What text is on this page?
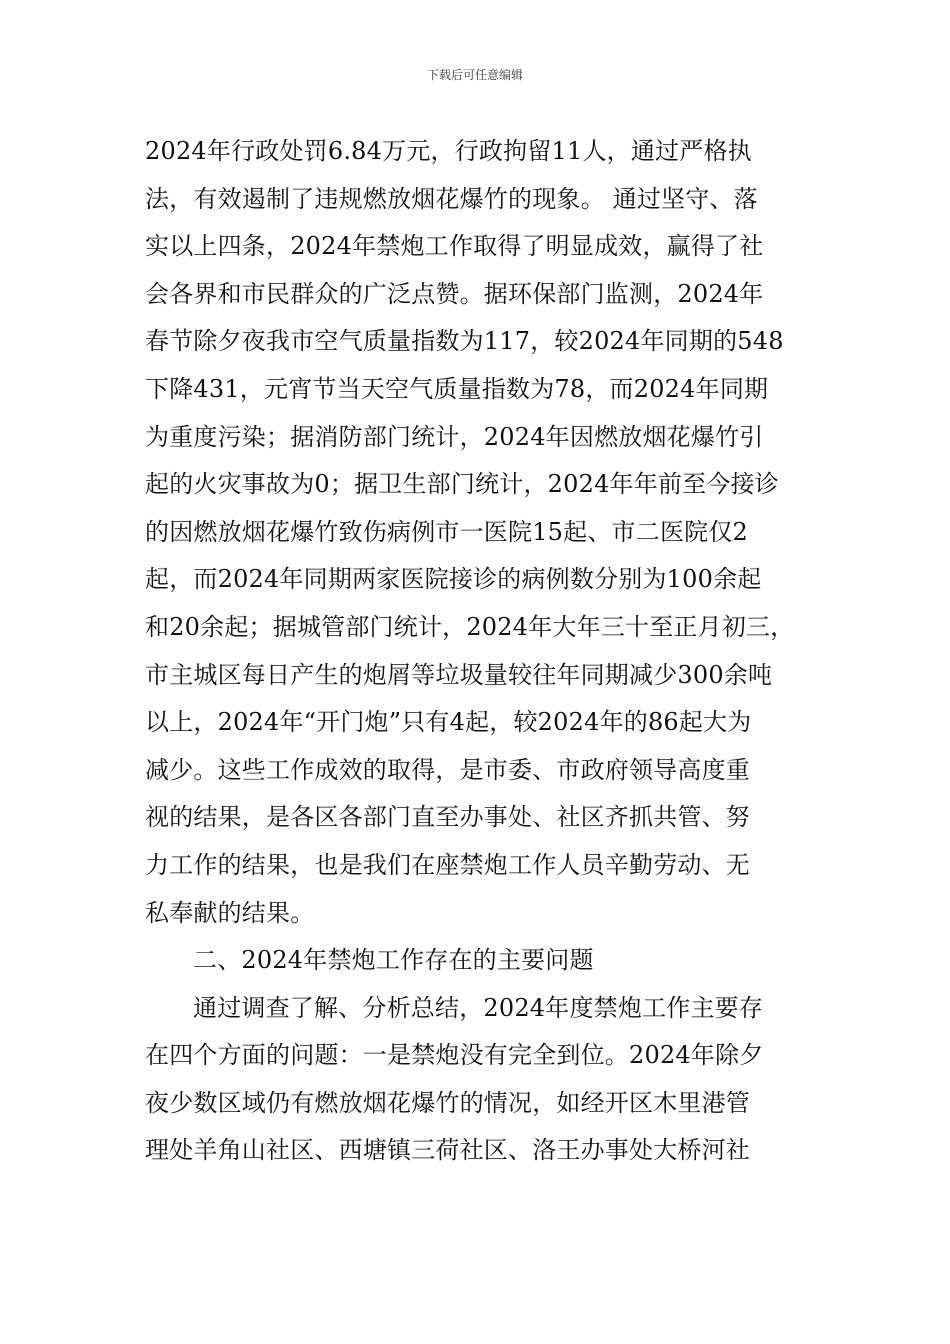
下载后可任意编辑
2024年行政处罚6.84万元，行政拘留11人，通过严格执
法，有效遏制了违规燃放烟花爆竹的现象。 通过坚守、落
实以上四条，2024年禁炮工作取得了明显成效，赢得了社
会各界和市民群众的广泛点赞。据环保部门监测，2024年
春节除夕夜我市空气质量指数为117，较2024年同期的548
下降431，元宵节当天空气质量指数为78，而2024年同期
为重度污染；据消防部门统计，2024年因燃放烟花爆竹引
起的火灾事故为0；据卫生部门统计，2024年年前至今接诊
的因燃放烟花爆竹致伤病例市一医院15起、市二医院仅2
起，而2024年同期两家医院接诊的病例数分别为100余起
和20余起；据城管部门统计，2024年大年三十至正月初三，
市主城区每日产生的炮屑等垃圾量较往年同期减少300余吨
以上，2024年“开门炮”只有4起，较2024年的86起大为
减少。这些工作成效的取得，是市委、市政府领导高度重
视的结果，是各区各部门直至办事处、社区齐抓共管、努
力工作的结果，也是我们在座禁炮工作人员辛勤劳动、无
私奉献的结果。
二、2024年禁炮工作存在的主要问题
通过调查了解、分析总结，2024年度禁炮工作主要存
在四个方面的问题：一是禁炮没有完全到位。2024年除夕
夜少数区域仍有燃放烟花爆竹的情况，如经开区木里港管
理处羊角山社区、西塘镇三荷社区、洛王办事处大桥河社
